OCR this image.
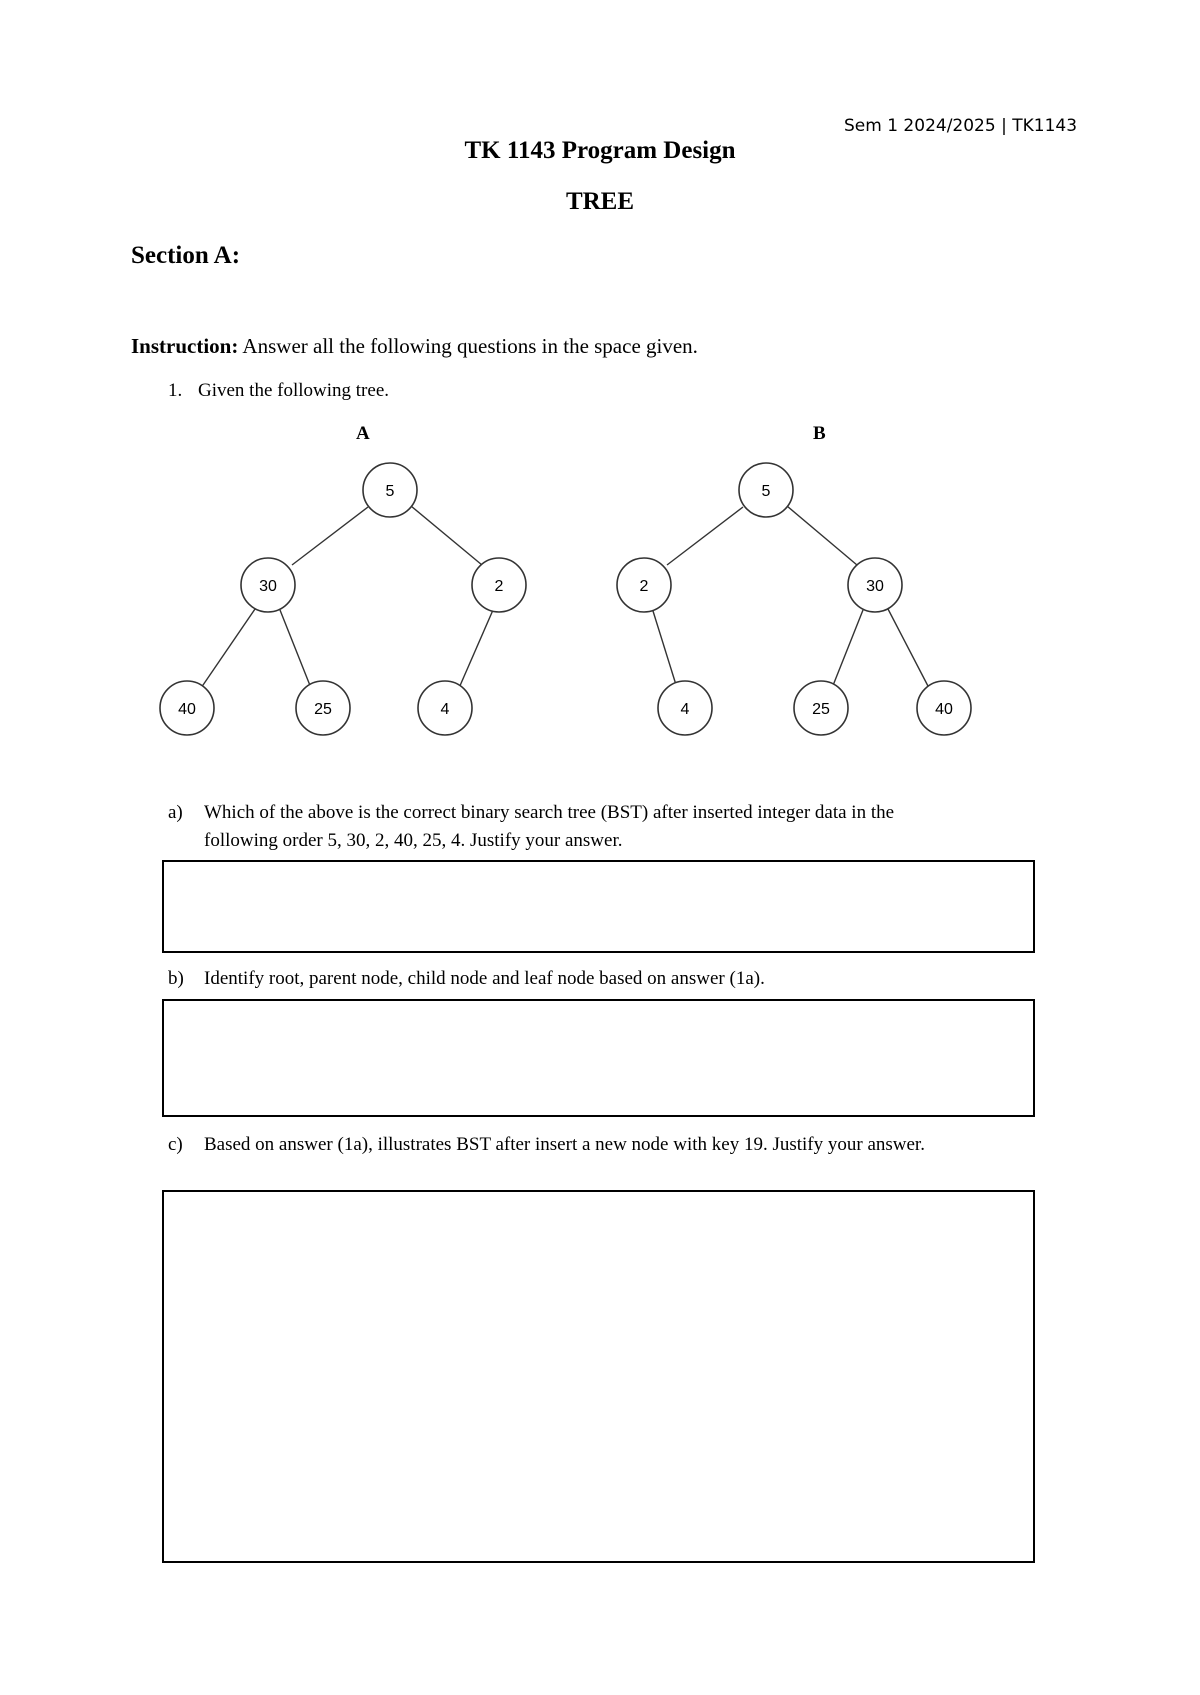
Sem 1 2024/2025 | TK1143
TK 1143 Program Design
TREE
Section A:
Instruction: Answer all the following questions in the space given.
1. Given the following tree.
A	B
5
30	2
40	25	4
5
2	30
4	25	40
a) Which of the above is the correct binary search tree (BST) after inserted integer data in the
following order 5, 30, 2, 40, 25, 4. Justify your answer.
b) Identify root, parent node, child node and leaf node based on answer (1a).
c) Based on answer (1a), illustrates BST after insert a new node with key 19. Justify your answer.
